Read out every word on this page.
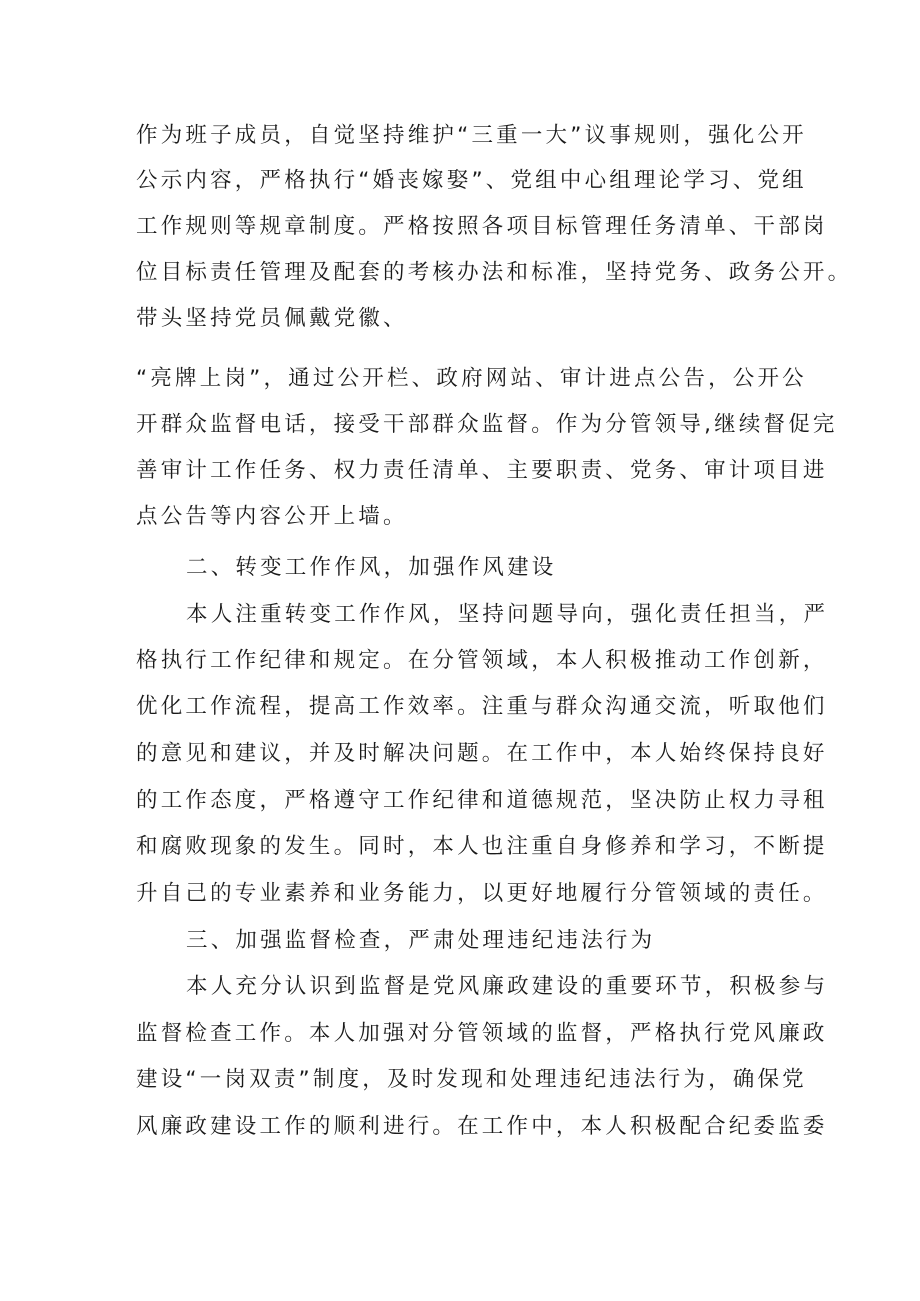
作为班子成员，自觉坚持维护“三重一大”议事规则，强化公开
公示内容，严格执行“婚丧嫁娶”、党组中心组理论学习、党组
工作规则等规章制度。严格按照各项目标管理任务清单、干部岗
位目标责任管理及配套的考核办法和标准，坚持党务、政务公开。
带头坚持党员佩戴党徽、
“亮牌上岗”，通过公开栏、政府网站、审计进点公告，公开公
开群众监督电话，接受干部群众监督。作为分管领导,继续督促完
善审计工作任务、权力责任清单、主要职责、党务、审计项目进
点公告等内容公开上墙。
二、转变工作作风，加强作风建设
本人注重转变工作作风，坚持问题导向，强化责任担当，严
格执行工作纪律和规定。在分管领域，本人积极推动工作创新，
优化工作流程，提高工作效率。注重与群众沟通交流，听取他们
的意见和建议，并及时解决问题。在工作中，本人始终保持良好
的工作态度，严格遵守工作纪律和道德规范，坚决防止权力寻租
和腐败现象的发生。同时，本人也注重自身修养和学习，不断提
升自己的专业素养和业务能力，以更好地履行分管领域的责任。
三、加强监督检查，严肃处理违纪违法行为
本人充分认识到监督是党风廉政建设的重要环节，积极参与
监督检查工作。本人加强对分管领域的监督，严格执行党风廉政
建设“一岗双责”制度，及时发现和处理违纪违法行为，确保党
风廉政建设工作的顺利进行。在工作中，本人积极配合纪委监委
